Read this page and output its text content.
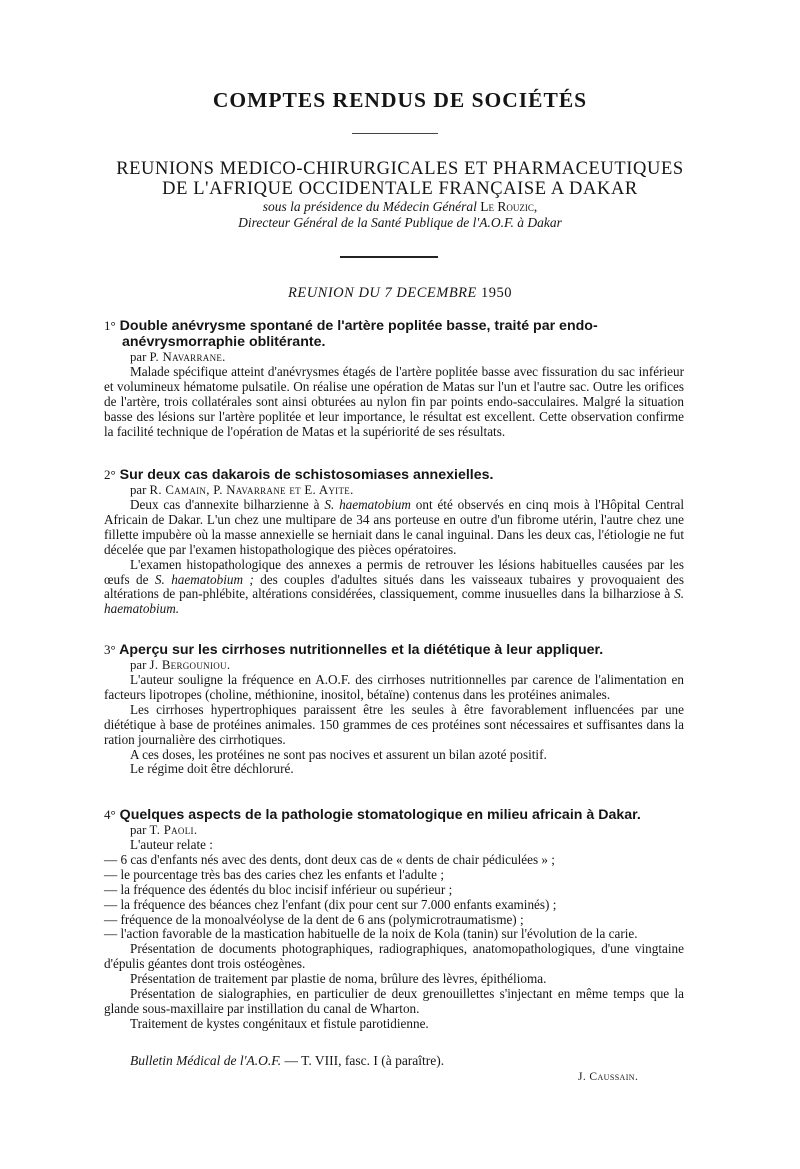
COMPTES RENDUS DE SOCIÉTÉS
REUNIONS MEDICO-CHIRURGICALES ET PHARMACEUTIQUES
DE L'AFRIQUE OCCIDENTALE FRANÇAISE A DAKAR
sous la présidence du Médecin Général Le Rouzic,
Directeur Général de la Santé Publique de l'A.O.F. à Dakar
REUNION DU 7 DECEMBRE 1950
1° Double anévrysme spontané de l'artère poplitée basse, traité par endo-
anévrysmorraphie oblitérante.
par P. Navarrane.

Malade spécifique atteint d'anévrysmes étagés de l'artère poplitée basse avec fissuration du sac inférieur et volumineux hématome pulsatile. On réalise une opération de Matas sur l'un et l'autre sac. Outre les orifices de l'artère, trois collatérales sont ainsi obturées au nylon fin par points endo-sacculaires. Malgré la situation basse des lésions sur l'artère poplitée et leur importance, le résultat est excellent. Cette observation confirme la facilité technique de l'opération de Matas et la supériorité de ses résultats.

2° Sur deux cas dakarois de schistosomiases annexielles.
par R. Camain, P. Navarrane et E. Ayite.

Deux cas d'annexite bilharzienne à S. haematobium ont été observés en cinq mois à l'Hôpital Central Africain de Dakar. L'un chez une multipare de 34 ans porteuse en outre d'un fibrome utérin, l'autre chez une fillette impubère où la masse annexielle se herniait dans le canal inguinal. Dans les deux cas, l'étiologie ne fut décelée que par l'examen histopathologique des pièces opératoires.

L'examen histopathologique des annexes a permis de retrouver les lésions habituelles causées par les œufs de S. haematobium ; des couples d'adultes situés dans les vaisseaux tubaires y provoquaient des altérations de pan-phlébite, altérations considérées, classiquement, comme inusuelles dans la bilharziose à S. haematobium.

3° Aperçu sur les cirrhoses nutritionnelles et la diététique à leur appliquer.
par J. Bergouniou.

L'auteur souligne la fréquence en A.O.F. des cirrhoses nutritionnelles par carence de l'alimentation en facteurs lipotropes (choline, méthionine, inositol, bétaïne) contenus dans les protéines animales.

Les cirrhoses hypertrophiques paraissent être les seules à être favorablement influencées par une diététique à base de protéines animales. 150 grammes de ces protéines sont nécessaires et suffisantes dans la ration journalière des cirrhotiques.

A ces doses, les protéines ne sont pas nocives et assurent un bilan azoté positif.

Le régime doit être déchloruré.

4° Quelques aspects de la pathologie stomatologique en milieu africain à Dakar.
par T. Paoli.

L'auteur relate :

— 6 cas d'enfants nés avec des dents, dont deux cas de « dents de chair pédiculées » ;

— le pourcentage très bas des caries chez les enfants et l'adulte ;

— la fréquence des édentés du bloc incisif inférieur ou supérieur ;

— la fréquence des béances chez l'enfant (dix pour cent sur 7.000 enfants examinés) ;

— fréquence de la monoalvéolyse de la dent de 6 ans (polymicrotraumatisme) ;

— l'action favorable de la mastication habituelle de la noix de Kola (tanin) sur l'évolution de la carie.

Présentation de documents photographiques, radiographiques, anatomopathologiques, d'une vingtaine d'épulis géantes dont trois ostéogènes.

Présentation de traitement par plastie de noma, brûlure des lèvres, épithélioma.

Présentation de sialographies, en particulier de deux grenouillettes s'injectant en même temps que la glande sous-maxillaire par instillation du canal de Wharton.

Traitement de kystes congénitaux et fistule parotidienne.

Bulletin Médical de l'A.O.F. — T. VIII, fasc. I (à paraître).
J. Caussain.
